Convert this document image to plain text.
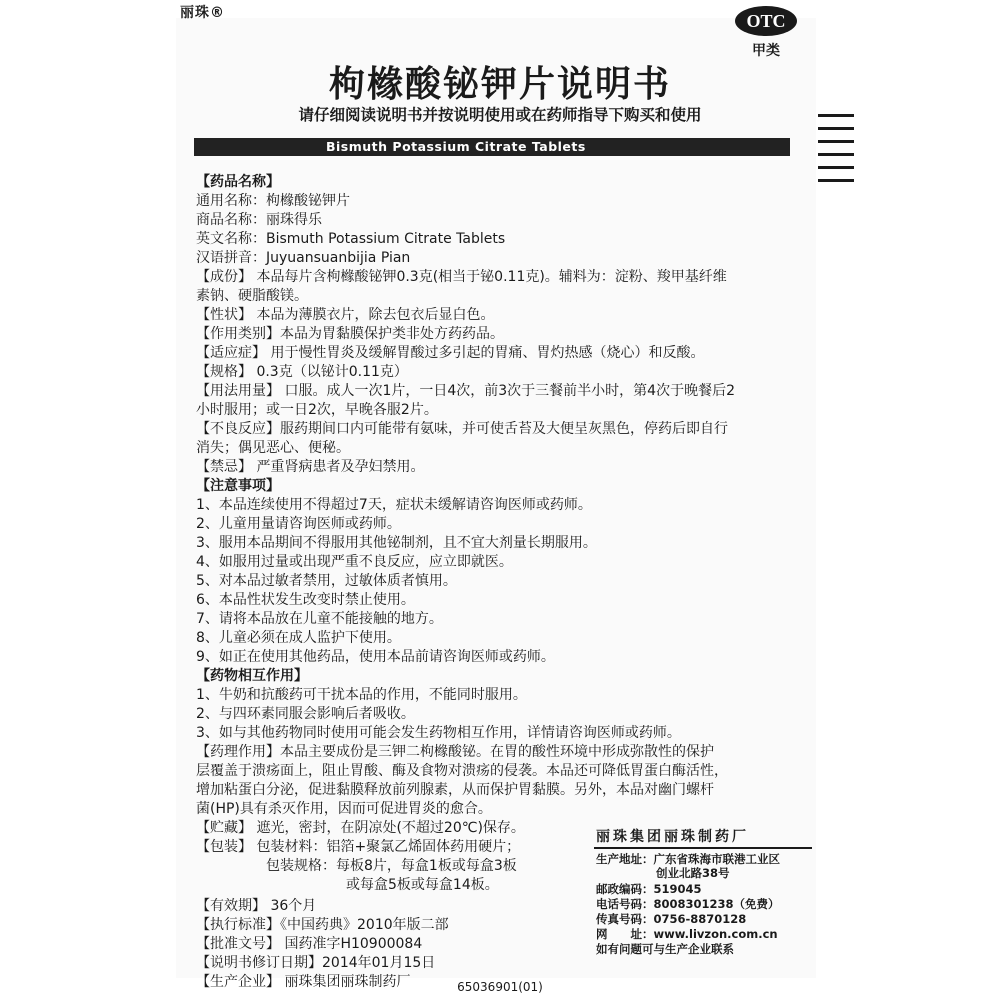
丽珠®	OTC
甲类
枸橼酸铋钾片说明书
请仔细阅读说明书并按说明使用或在药师指导下购买和使用
Bismuth Potassium Citrate Tablets
【药品名称】
通用名称：枸橼酸铋钾片
商品名称：丽珠得乐
英文名称：Bismuth Potassium Citrate Tablets
汉语拼音：Juyuansuanbijia Pian
【成份】 本品每片含枸橼酸铋钾0.3克(相当于铋0.11克)。辅料为：淀粉、羧甲基纤维
素钠、硬脂酸镁。
【性状】 本品为薄膜衣片，除去包衣后显白色。
【作用类别】本品为胃黏膜保护类非处方药药品。
【适应症】 用于慢性胃炎及缓解胃酸过多引起的胃痛、胃灼热感（烧心）和反酸。
【规格】 0.3克（以铋计0.11克）
【用法用量】 口服。成人一次1片，一日4次，前3次于三餐前半小时，第4次于晚餐后2
小时服用；或一日2次，早晚各服2片。
【不良反应】服药期间口内可能带有氨味，并可使舌苔及大便呈灰黑色，停药后即自行
消失；偶见恶心、便秘。
【禁忌】 严重肾病患者及孕妇禁用。
【注意事项】
1、本品连续使用不得超过7天，症状未缓解请咨询医师或药师。
2、儿童用量请咨询医师或药师。
3、服用本品期间不得服用其他铋制剂，且不宜大剂量长期服用。
4、如服用过量或出现严重不良反应，应立即就医。
5、对本品过敏者禁用，过敏体质者慎用。
6、本品性状发生改变时禁止使用。
7、请将本品放在儿童不能接触的地方。
8、儿童必须在成人监护下使用。
9、如正在使用其他药品，使用本品前请咨询医师或药师。
【药物相互作用】
1、牛奶和抗酸药可干扰本品的作用，不能同时服用。
2、与四环素同服会影响后者吸收。
3、如与其他药物同时使用可能会发生药物相互作用，详情请咨询医师或药师。
【药理作用】本品主要成份是三钾二枸橼酸铋。在胃的酸性环境中形成弥散性的保护
层覆盖于溃疡面上，阻止胃酸、酶及食物对溃疡的侵袭。本品还可降低胃蛋白酶活性，
增加粘蛋白分泌，促进黏膜释放前列腺素，从而保护胃黏膜。另外，本品对幽门螺杆
菌(HP)具有杀灭作用，因而可促进胃炎的愈合。
【贮藏】 遮光，密封，在阴凉处(不超过20℃)保存。
【包装】 包装材料：铝箔+聚氯乙烯固体药用硬片；
包装规格：每板8片，每盒1板或每盒3板
或每盒5板或每盒14板。
【有效期】 36个月
【执行标准】《中国药典》2010年版二部
【批准文号】 国药准字H10900084
【说明书修订日期】2014年01月15日
【生产企业】 丽珠集团丽珠制药厂
丽珠集团丽珠制药厂
生产地址：广东省珠海市联港工业区
创业北路38号
邮政编码：519045
电话号码：8008301238（免费）
传真号码：0756-8870128
网　　址：www.livzon.com.cn
如有问题可与生产企业联系
65036901(01)
